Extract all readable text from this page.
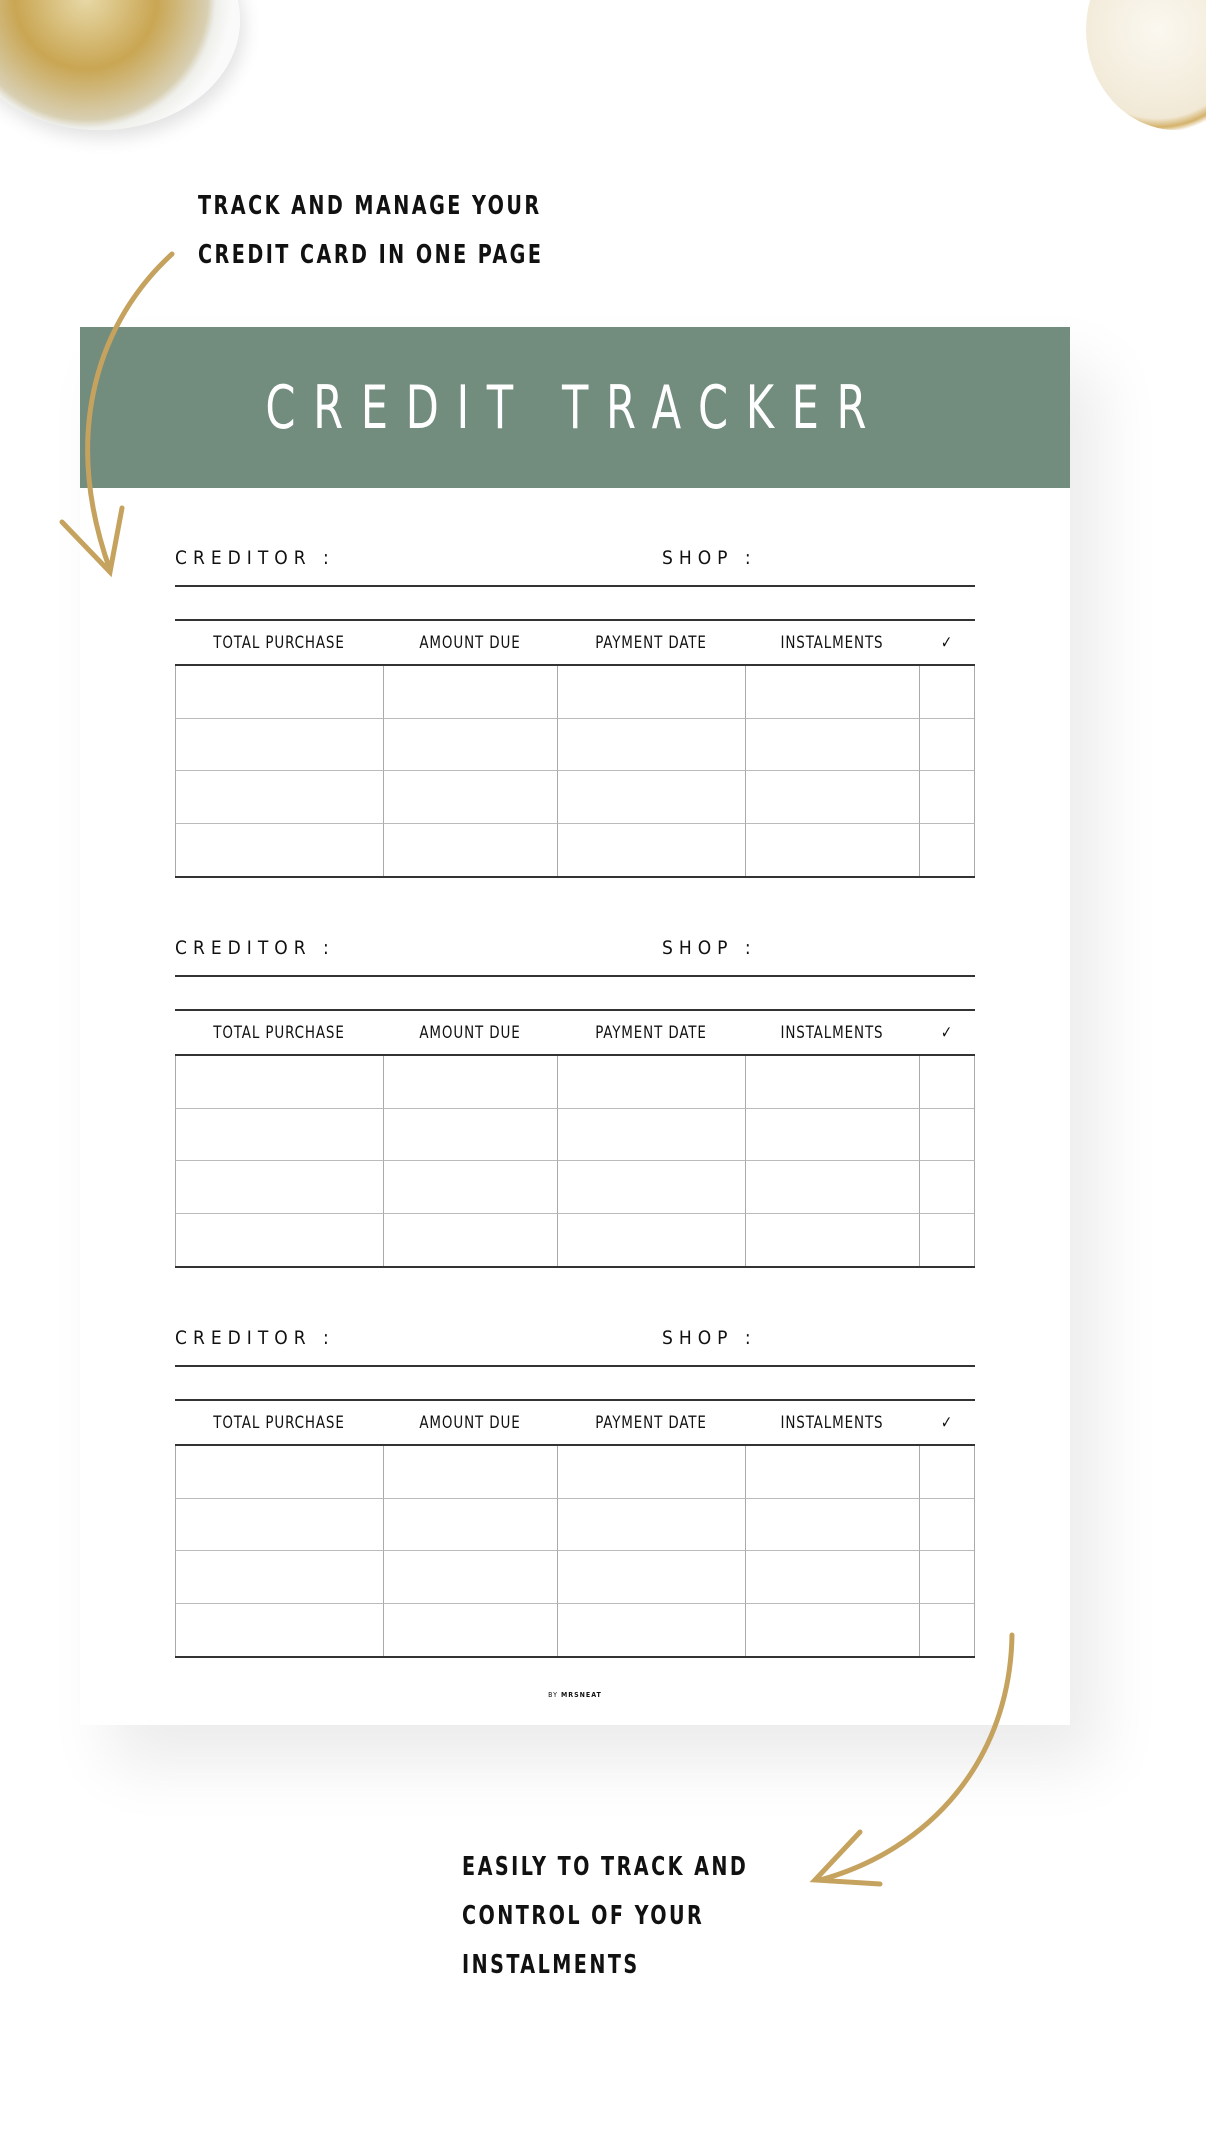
TRACK AND MANAGE YOUR
CREDIT CARD IN ONE PAGE
CREDIT TRACKER
CREDITOR :	SHOP :
TOTAL PURCHASE	AMOUNT DUE	PAYMENT DATE	INSTALMENTS	✓
CREDITOR :	SHOP :
TOTAL PURCHASE	AMOUNT DUE	PAYMENT DATE	INSTALMENTS	✓
CREDITOR :	SHOP :
TOTAL PURCHASE	AMOUNT DUE	PAYMENT DATE	INSTALMENTS	✓
BY MRSNEAT
EASILY TO TRACK AND
CONTROL OF YOUR
INSTALMENTS
